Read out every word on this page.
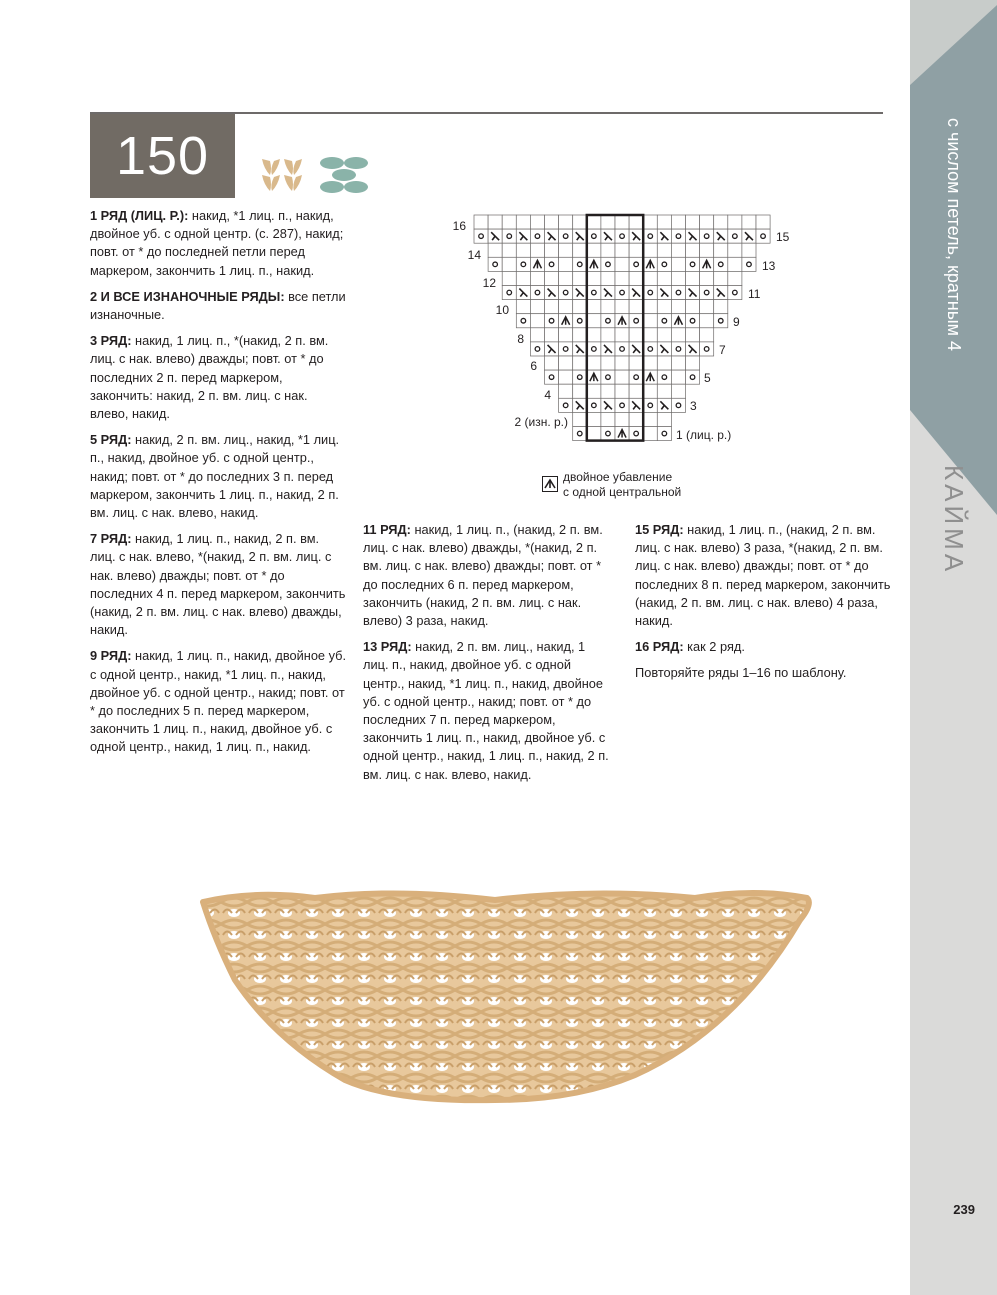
150	с числом петель, кратным 4
КАЙМА

1 РЯД (ЛИЦ. Р.): накид, *1 лиц. п., накид, двойное уб. с одной центр. (с. 287), накид; повт. от * до последней петли перед маркером, закончить 1 лиц. п., накид.

2 И ВСЕ ИЗНАНОЧНЫЕ РЯДЫ: все петли изнаночные.

3 РЯД: накид, 1 лиц. п., *(накид, 2 п. вм. лиц. с нак. влево) дважды; повт. от * до последних 2 п. перед маркером, закончить: накид, 2 п. вм. лиц. с нак. влево, накид.

5 РЯД: накид, 2 п. вм. лиц., накид, *1 лиц. п., накид, двойное уб. с одной центр., накид; повт. от * до последних 3 п. перед маркером, закончить 1 лиц. п., накид, 2 п. вм. лиц. с нак. влево, накид.

7 РЯД: накид, 1 лиц. п., накид, 2 п. вм. лиц. с нак. влево, *(накид, 2 п. вм. лиц. с нак. влево) дважды; повт. от * до последних 4 п. перед маркером, закончить (накид, 2 п. вм. лиц. с нак. влево) дважды, накид.

9 РЯД: накид, 1 лиц. п., накид, двойное уб. с одной центр., накид, *1 лиц. п., накид, двойное уб. с одной центр., накид; повт. от * до последних 5 п. перед маркером, закончить 1 лиц. п., накид, двойное уб. с одной центр., накид, 1 лиц. п., накид.

11 РЯД: накид, 1 лиц. п., (накид, 2 п. вм. лиц. с нак. влево) дважды, *(накид, 2 п. вм. лиц. с нак. влево) дважды; повт. от * до последних 6 п. перед маркером, закончить (накид, 2 п. вм. лиц. с нак. влево) 3 раза, накид.

13 РЯД: накид, 2 п. вм. лиц., накид, 1 лиц. п., накид, двойное уб. с одной центр., накид, *1 лиц. п., накид, двойное уб. с одной центр., накид; повт. от * до последних 7 п. перед маркером, закончить 1 лиц. п., накид, двойное уб. с одной центр., накид, 1 лиц. п., накид, 2 п. вм. лиц. с нак. влево, накид.

15 РЯД: накид, 1 лиц. п., (накид, 2 п. вм. лиц. с нак. влево) 3 раза, *(накид, 2 п. вм. лиц. с нак. влево) дважды; повт. от * до последних 8 п. перед маркером, закончить (накид, 2 п. вм. лиц. с нак. влево) 4 раза, накид.

16 РЯД: как 2 ряд.

Повторяйте ряды 1–16 по шаблону.

16
14
12
10
8
6
4
2 (изн. р.)
15
13
11
9
7
5
3
1 (лиц. р.)
двойное убавление
с одной центральной
239
